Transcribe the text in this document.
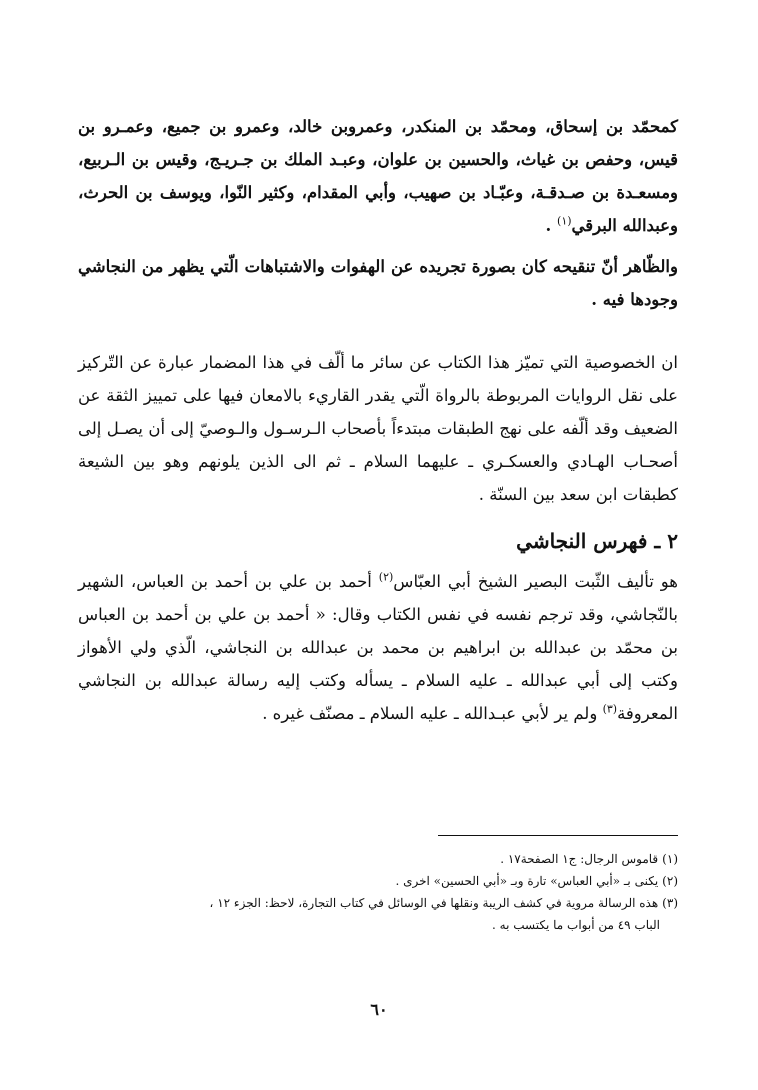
كمحمّد بن إسحاق، ومحمّد بن المنكدر، وعمروبن خالد، وعمرو بن جميع، وعمـرو بن قيس، وحفص بن غياث، والحسين بن علوان، وعبـد الملك بن جـريـج، وقيس بن الـربيع، ومسعـدة بن صـدقـة، وعبّـاد بن صهيب، وأبي المقدام، وكثير النّوا، ويوسف بن الحرث، وعبدالله البرقي$^{(١)}$ .

والظّاهر أنّ تنقيحه كان بصورة تجريده عن الهفوات والاشتباهات الّتي يظهر من النجاشي وجودها فيه .

ان الخصوصية التي تميّز هذا الكتاب عن سائر ما ألّف في هذا المضمار عبارة عن التّركيز على نقل الروايات المربوطة بالرواة الّتي يقدر القاريء بالامعان فيها على تمييز الثقة عن الضعيف وقد ألّفه على نهج الطبقات مبتدءاً بأصحاب الـرسـول والـوصيّ إلى أن يصـل إلى أصحـاب الهـادي والعسكـري ـ عليهما السلام ـ ثم الى الذين يلونهم وهو بين الشيعة كطبقات ابن سعد بين السنّة .

٢ ـ فهرس النجاشي

هو تأليف الثّبت البصير الشيخ أبي العبّاس$^{(٢)}$ أحمد بن علي بن أحمد بن العباس، الشهير بالنّجاشي، وقد ترجم نفسه في نفس الكتاب وقال: « أحمد بن علي بن أحمد بن العباس بن محمّد بن عبدالله بن ابراهيم بن محمد بن عبدالله بن النجاشي، الّذي ولي الأهواز وكتب إلى أبي عبدالله ـ عليه السلام ـ يسأله وكتب إليه رسالة عبدالله بن النجاشي المعروفة$^{(٣)}$ ولم ير لأبي عبـدالله ـ عليه السلام ـ مصنّف غيره .

(١)قاموس الرجال: ج١ الصفحة١٧ .

(٢)يكنى بـ «أبي العباس» تارة وبـ «أبي الحسين» اخرى .

(٣)هذه الرسالة مروية في كشف الريبة ونقلها في الوسائل في كتاب التجارة، لاحظ: الجزء ١٢ ،

الباب ٤٩ من أبواب ما يكتسب به .

٦٠
